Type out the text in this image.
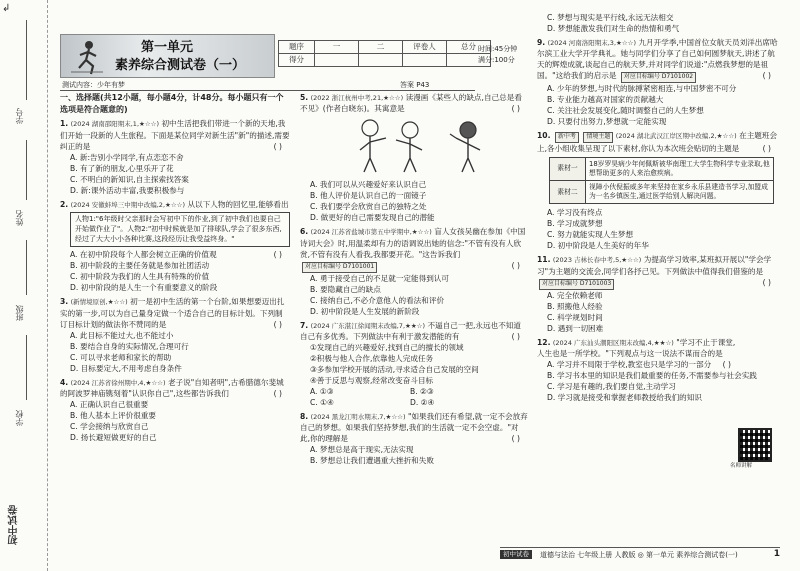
↲
学号
姓名
班级
学校
初中试卷
第一单元
素养综合测试卷（一）
题序	一	二	评卷人	总分
得分				
时间:45分钟
满分:100分
测试内容：少年有梦	答案 P43
一、选择题(共12小题，每小题4分，计48分。每小题只有一个选项是符合题意的)
1. (2024 湖南邵阳期末,1,★☆☆) 初中生活把我们带进一个新的天地,我们开始一段新的人生旅程。下面是某位同学对新生活"新"的描述,需要纠正的是	( )
A. 新:告别小学同学,有点恋恋不舍
B. 有了新的朋友,心里乐开了花
C. 不明白的新知识,自主探索找答案
D. 新:课外活动丰富,我要积极参与
2. (2024 安徽蚌埠三中期中改编,2,★☆☆) 从以下人物的回忆里,能够看出
人物1:"6年级时父亲那时会写初中下的作业,到了初中我们也要自己开始做作业了"。人物2:"初中时候就是加了排球队,学会了很多东西,经过了大大小小各种比赛,这段经历让我受益终身。"
( )
A. 在初中阶段每个人都会树立正确的价值观
B. 初中阶段的主要任务就是参加社团活动
C. 初中阶段为我们的人生具有特殊的价值
D. 初中阶段的是人生一个有重要意义的阶段
3. (新情境原创,★☆☆) 初一是初中生活的第一个台阶,如果想要迈出扎实的第一步,可以为自己量身定做一个适合自己的目标计划。下列制订目标计划的做法你不赞同的是	( )
A. 此目标不能过大,也不能过小
B. 要结合自身的实际情况,合理可行
C. 可以寻求老师和家长的帮助
D. 目标要定大,不用考虑自身条件
4. (2024 江苏省徐州期中,4,★☆☆) 老子说"自知者明",古希腊德尔斐城的阿波罗神庙镌刻着"认识你自己",这些都告诉我们	( )
A. 正确认识自己很重要
B. 他人基本上评价很重要
C. 学会接纳与欣赏自己
D. 扬长避短做更好的自己
5. (2022 浙江杭州中考,21,★☆☆) 读漫画《某些人的缺点,自己总是看不见》(作者白晓东)。其寓意是	( )
A. 我们可以从兴趣爱好来认识自己
B. 他人评价是认识自己的一面镜子
C. 我们要学会欣赏自己的独特之处
D. 做更好的自己需要发现自己的潜能
6. (2024 江苏省盐城市第五中学期中,★☆☆) 盲人女孩吴幽在参加《中国诗词大会》时,用温柔却有力的语调说出她的信念:"不管有没有人欣赏,不管有没有人看我,我都要开花。"这告诉我们 对应目标编号 D7101001	( )
A. 勇于接受自己的不足就一定能得到认可
B. 要隐藏自己的缺点
C. 接纳自己,不必介意他人的看法和评价
D. 初中阶段是人生发展的新阶段
7. (2024 广东湛江徐闻期末改编,7,★★☆) 不逼自己一把,永远也不知道自己有多优秀。下列做法中有利于激发潜能的有	( )
①发现自己的兴趣爱好,找到自己的擅长的领域
②积极与他人合作,依靠他人完成任务
③多参加学校开展的活动,寻求适合自己发展的空间
④善于反思与观察,经常改变奋斗目标
A. ①③	B. ②③
C. ①④	D. ②④
8. (2024 黑龙江明水期末,7,★☆☆) "如果我们还有希望,就一定不会放弃自己的梦想。如果我们坚持梦想,我们的生活就一定不会空虚。"对此,你的理解是	( )
A. 梦想总是高于现实,无法实现
B. 梦想总让我们遭遇重大挫折和失败
C. 梦想与现实是平行线,永远无法相交
D. 梦想能激发我们对生命的热情和勇气
9. (2024 河南洛阳期末,3,★☆☆) 九月开学季,中国首位女航天员刘洋出席哈尔滨工业大学开学典礼。她与同学们分享了自己如何圆梦航天,讲述了航天的辉煌成就,谈起自己的航天梦,并对同学们说道:"点燃我梦想的是祖国。"这给我们的启示是 对应目标编号 D7101002	( )
A. 少年的梦想,与时代的脉搏紧密相连,与中国梦密不可分
B. 专业能力越高对国家的贡献越大
C. 关注社会发展变化,随时调整自己的人生梦想
D. 只要付出努力,梦想就一定能实现
10. 新中考 情境主题 (2024 湖北武汉江岸区期中改编,2,★☆☆) 在主题班会上,各小组收集呈现了以下素材,你认为本次班会贴切的主题是	( )
素材一	18岁罗昊病少年何佩斯被华南理工大学生物科学专业录取,他想帮助更多的人来治愈疾病。
素材二	视障小伙倪振威多年来坚持在家乡永乐县建造书学习,加盟成为一名乡镇医生,通过医学给别人解决问题。
A. 学习没有终点
B. 学习成就梦想
C. 努力就能实现人生梦想
D. 初中阶段是人生美好的年华
11. (2023 吉林长春中考,5,★☆☆) 为提高学习效率,某班拟开展以"学会学习"为主题的交流会,同学们各抒己见。下列做法中值得我们借鉴的是 对应目标编号 D7101003	( )
A. 完全依赖老师
B. 照搬他人经验
C. 科学规划时间
D. 遇到一切困难
12. (2024 广东汕头潮阳区期末改编,4,★★☆) "学习不止于课堂,人生也是一所学校。"下列观点与这一说法不谋而合的是
( )
A. 学习并不局限于学校,教室也只是学习的一部分
B. 学习书本里的知识是我们最重要的任务,不需要参与社会实践
C. 学习是有趣的,我们要自觉,主动学习
D. 学习就是接受和掌握老师教授给我们的知识
名师讲解
初中试卷	道德与法治 七年级上册 人教版 ◎ 第一单元 素养综合测试卷(一)	1
